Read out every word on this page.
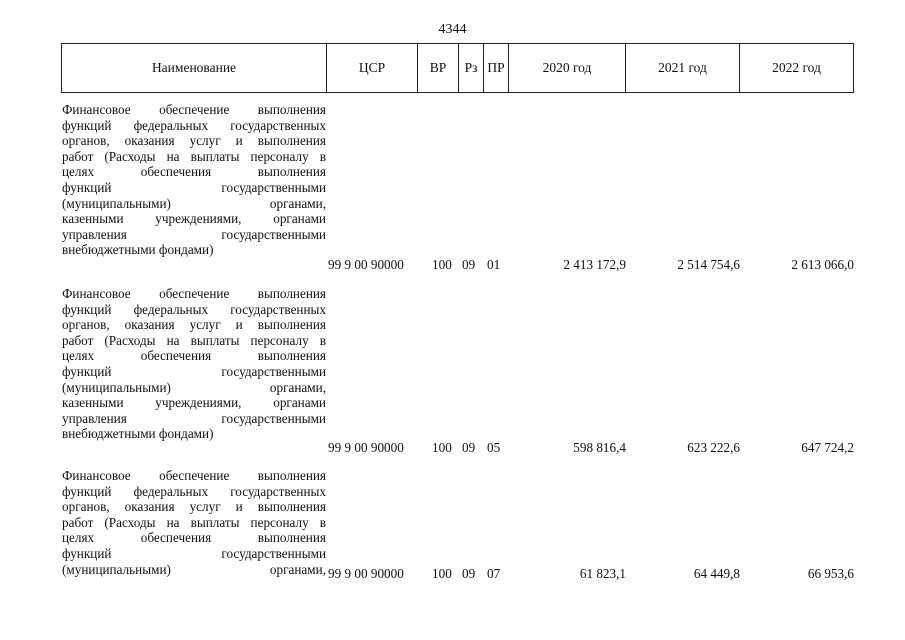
4344
Наименование	ЦСР	ВР	Рз ПР	2020 год	2021 год	2022 год
Финансовое обеспечение выполнения
функций федеральных государственных
органов, оказания услуг и выполнения
работ (Расходы на выплаты персоналу в
целях обеспечения выполнения
функций государственными
(муниципальными) органами,
казенными учреждениями, органами
управления государственными
внебюджетными фондами)
99 9 00 90000	100 09 01	2 413 172,9	2 514 754,6	2 613 066,0
Финансовое обеспечение выполнения
функций федеральных государственных
органов, оказания услуг и выполнения
работ (Расходы на выплаты персоналу в
целях обеспечения выполнения
функций государственными
(муниципальными) органами,
казенными учреждениями, органами
управления государственными
внебюджетными фондами)
99 9 00 90000	100 09 05	598 816,4	623 222,6	647 724,2
Финансовое обеспечение выполнения
функций федеральных государственных
органов, оказания услуг и выполнения
работ (Расходы на выплаты персоналу в
целях обеспечения выполнения
функций государственными
(муниципальными) органами, 99 9 00 90000	100 09 07	61 823,1	64 449,8	66 953,6
